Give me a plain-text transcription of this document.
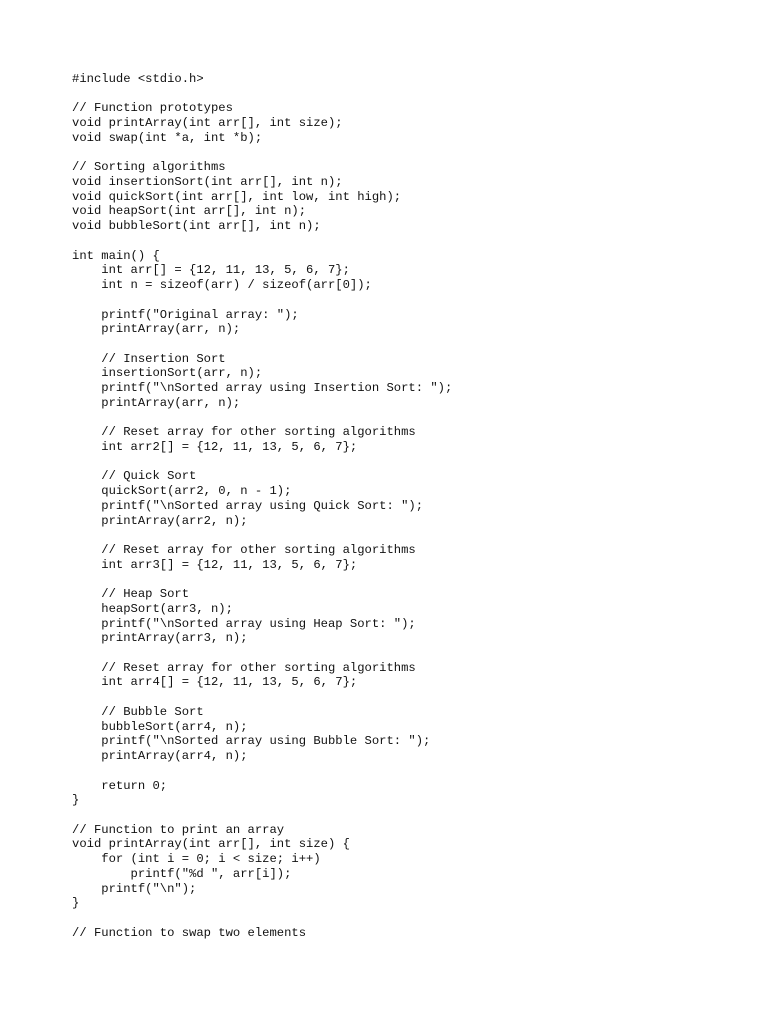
#include <stdio.h>
// Function prototypes
void printArray(int arr[], int size);
void swap(int *a, int *b);
// Sorting algorithms
void insertionSort(int arr[], int n);
void quickSort(int arr[], int low, int high);
void heapSort(int arr[], int n);
void bubbleSort(int arr[], int n);
int main() {
int arr[] = {12, 11, 13, 5, 6, 7};
int n = sizeof(arr) / sizeof(arr[0]);
printf("Original array: ");
printArray(arr, n);
// Insertion Sort
insertionSort(arr, n);
printf("\nSorted array using Insertion Sort: ");
printArray(arr, n);
// Reset array for other sorting algorithms
int arr2[] = {12, 11, 13, 5, 6, 7};
// Quick Sort
quickSort(arr2, 0, n - 1);
printf("\nSorted array using Quick Sort: ");
printArray(arr2, n);
// Reset array for other sorting algorithms
int arr3[] = {12, 11, 13, 5, 6, 7};
// Heap Sort
heapSort(arr3, n);
printf("\nSorted array using Heap Sort: ");
printArray(arr3, n);
// Reset array for other sorting algorithms
int arr4[] = {12, 11, 13, 5, 6, 7};
// Bubble Sort
bubbleSort(arr4, n);
printf("\nSorted array using Bubble Sort: ");
printArray(arr4, n);
return 0;
}
// Function to print an array
void printArray(int arr[], int size) {
for (int i = 0; i < size; i++)
printf("%d ", arr[i]);
printf("\n");
}
// Function to swap two elements
